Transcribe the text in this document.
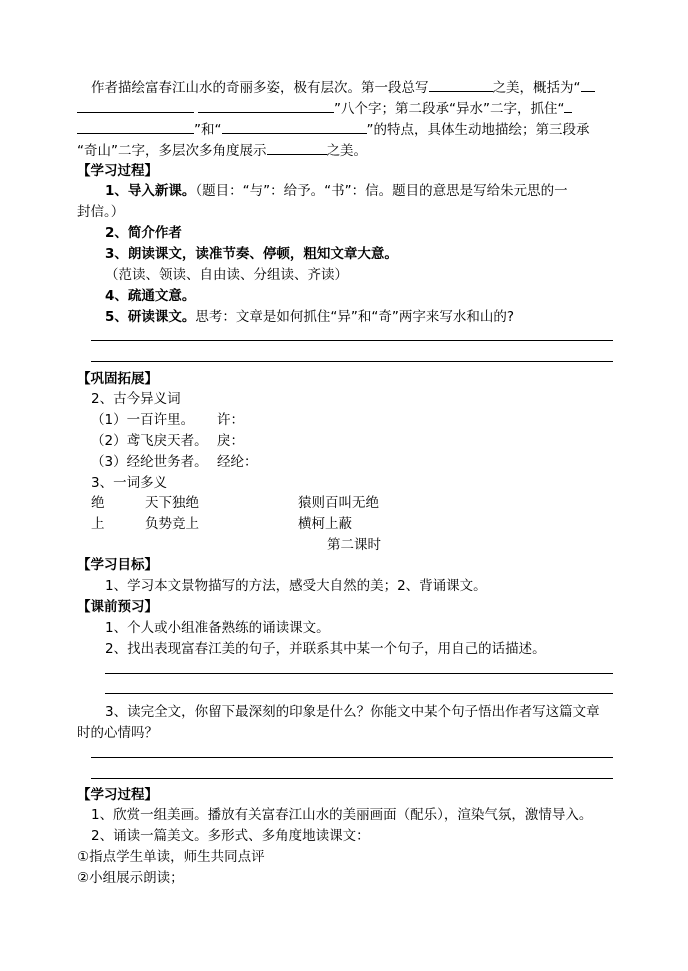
作者描绘富春江山水的奇丽多姿，极有层次。第一段总写	之美，概括为“
”八个字；第二段承“异水”二字，抓住“
”和“	”的特点，具体生动地描绘；第三段承
“奇山”二字，多层次多角度展示	之美。
【学习过程】
1、导入新课。（题目：“与”：给予。“书”：信。题目的意思是写给朱元思的一
封信。）
2、简介作者
3、朗读课文，读准节奏、停顿，粗知文章大意。
（范读、领读、自由读、分组读、齐读）
4、疏通文意。
5、研读课文。思考：文章是如何抓住“异”和“奇”两字来写水和山的?
【巩固拓展】
2、古今异义词
（1）一百许里。 许：
（2）鸢飞戾天者。 戾：
（3）经纶世务者。 经纶：
3、一词多义
绝	天下独绝	猿则百叫无绝
上	负势竞上	横柯上蔽
第二课时
【学习目标】
1、学习本文景物描写的方法，感受大自然的美；2、背诵课文。
【课前预习】
1、个人或小组准备熟练的诵读课文。
2、找出表现富春江美的句子，并联系其中某一个句子，用自己的话描述。
3、读完全文，你留下最深刻的印象是什么？你能文中某个句子悟出作者写这篇文章
时的心情吗？
【学习过程】
1、欣赏一组美画。播放有关富春江山水的美丽画面（配乐），渲染气氛，激情导入。
2、诵读一篇美文。多形式、多角度地读课文：
①指点学生单读，师生共同点评
②小组展示朗读；
